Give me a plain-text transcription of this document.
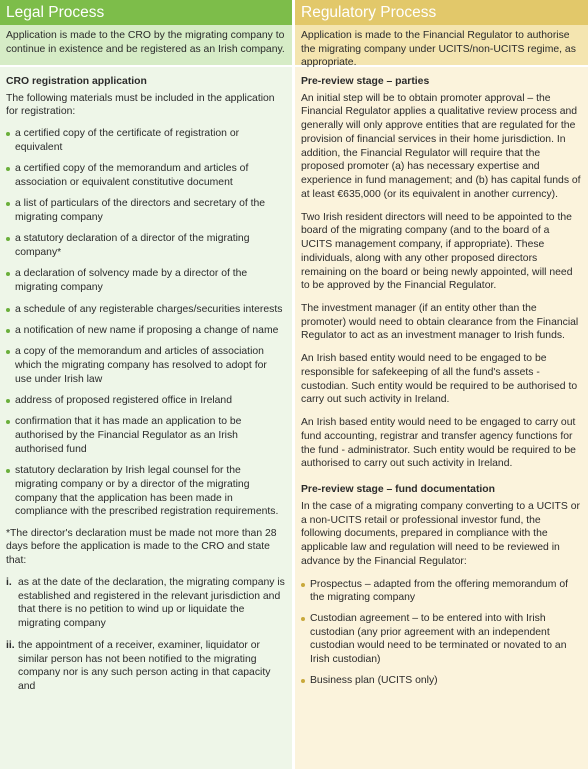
Legal Process
Application is made to the CRO by the migrating company to continue in existence and be registered as an Irish company.
CRO registration application

The following materials must be included in the application for registration:

a certified copy of the certificate of registration or equivalent
a certified copy of the memorandum and articles of association or equivalent constitutive document
a list of particulars of the directors and secretary of the migrating company
a statutory declaration of a director of the migrating company*
a declaration of solvency made by a director of the migrating company
a schedule of any registerable charges/securities interests
a notification of new name if proposing a change of name
a copy of the memorandum and articles of association which the migrating company has resolved to adopt for use under Irish law
address of proposed registered office in Ireland
confirmation that it has made an application to be authorised by the Financial Regulator as an Irish authorised fund
statutory declaration by Irish legal counsel for the migrating company or by a director of the migrating company that the application has been made in compliance with the prescribed registration requirements.

*The director's declaration must be made not more than 28 days before the application is made to the CRO and state that:

i. as at the date of the declaration, the migrating company is established and registered in the relevant jurisdiction and that there is no petition to wind up or liquidate the migrating company
ii. the appointment of a receiver, examiner, liquidator or similar person has not been notified to the migrating company nor is any such person acting in that capacity and
Regulatory Process
Application is made to the Financial Regulator to authorise the migrating company under UCITS/non-UCITS regime, as appropriate.
Pre-review stage – parties

An initial step will be to obtain promoter approval – the Financial Regulator applies a qualitative review process and generally will only approve entities that are regulated for the provision of financial services in their home jurisdiction. In addition, the Financial Regulator will require that the proposed promoter (a) has necessary expertise and experience in fund management; and (b) has capital funds of at least €635,000 (or its equivalent in another currency).

Two Irish resident directors will need to be appointed to the board of the migrating company (and to the board of a UCITS management company, if appropriate). These individuals, along with any other proposed directors remaining on the board or being newly appointed, will need to be approved by the Financial Regulator.

The investment manager (if an entity other than the promoter) would need to obtain clearance from the Financial Regulator to act as an investment manager to Irish funds.

An Irish based entity would need to be engaged to be responsible for safekeeping of all the fund's assets - custodian. Such entity would be required to be authorised to carry out such activity in Ireland.

An Irish based entity would need to be engaged to carry out fund accounting, registrar and transfer agency functions for the fund - administrator. Such entity would be required to be authorised to carry out such activity in Ireland.

Pre-review stage – fund documentation

In the case of a migrating company converting to a UCITS or a non-UCITS retail or professional investor fund, the following documents, prepared in compliance with the applicable law and regulation will need to be reviewed in advance by the Financial Regulator:

Prospectus – adapted from the offering memorandum of the migrating company
Custodian agreement – to be entered into with Irish custodian (any prior agreement with an independent custodian would need to be terminated or novated to an Irish custodian)
Business plan (UCITS only)
